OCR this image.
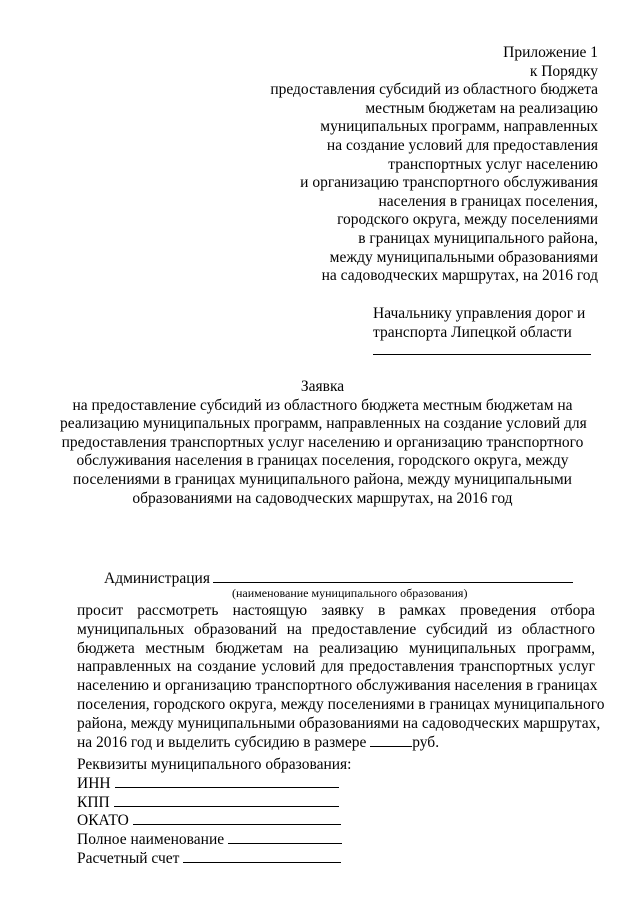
Приложение 1
к Порядку
предоставления субсидий из областного бюджета
местным бюджетам на реализацию
муниципальных программ, направленных
на создание условий для предоставления
транспортных услуг населению
и организацию транспортного обслуживания
населения в границах поселения,
городского округа, между поселениями
в границах муниципального района,
между муниципальными образованиями
на садоводческих маршрутах, на 2016 год
Начальнику управления дорог и
транспорта Липецкой области
Заявка
на предоставление субсидий из областного бюджета местным бюджетам на
реализацию муниципальных программ, направленных на создание условий для
предоставления транспортных услуг населению и организацию транспортного
обслуживания населения в границах поселения, городского округа, между
поселениями в границах муниципального района, между муниципальными
образованиями на садоводческих маршрутах, на 2016 год
Администрация
(наименование муниципального образования)
просит рассмотреть настоящую заявку в рамках проведения отбора
муниципальных образований на предоставление субсидий из областного
бюджета местным бюджетам на реализацию муниципальных программ,
направленных на создание условий для предоставления транспортных услуг
населению и организацию транспортного обслуживания населения в границах
поселения, городского округа, между поселениями в границах муниципального
района, между муниципальными образованиями на садоводческих маршрутах,
на 2016 год и выделить субсидию в размере	руб.
Реквизиты муниципального образования:
ИНН
КПП
ОКАТО
Полное наименование
Расчетный счет
